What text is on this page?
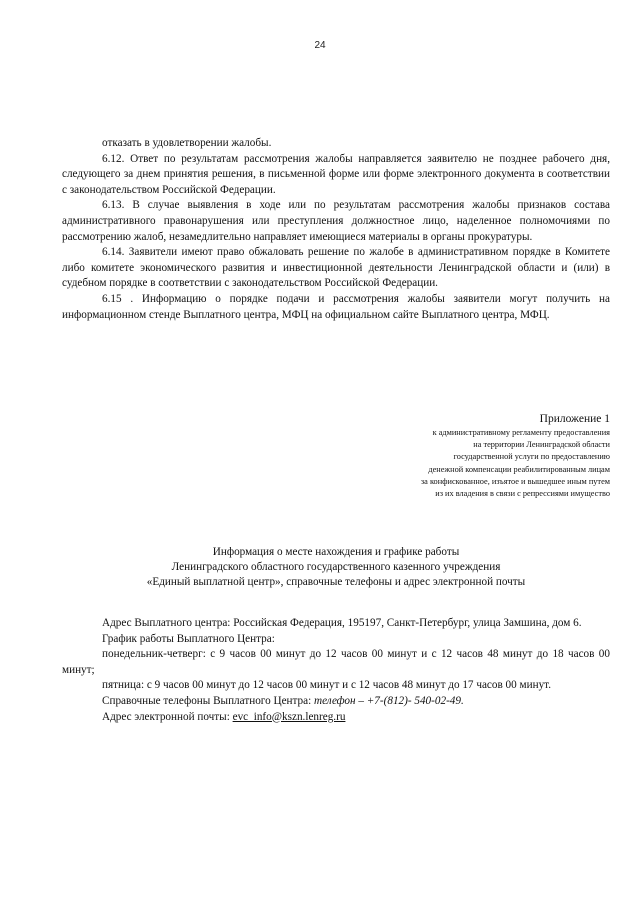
24

отказать в удовлетворении жалобы.

6.12. Ответ по результатам рассмотрения жалобы направляется заявителю не позднее рабочего дня, следующего за днем принятия решения, в письменной форме или форме электронного документа в соответствии с законодательством Российской Федерации.

6.13. В случае выявления в ходе или по результатам рассмотрения жалобы признаков состава административного правонарушения или преступления должностное лицо, наделенное полномочиями по рассмотрению жалоб, незамедлительно направляет имеющиеся материалы в органы прокуратуры.

6.14. Заявители имеют право обжаловать решение по жалобе в административном порядке в Комитете либо комитете экономического развития и инвестиционной деятельности Ленинградской области и (или) в судебном порядке в соответствии с законодательством Российской Федерации.

6.15 . Информацию о порядке подачи и рассмотрения жалобы заявители могут получить на информационном стенде Выплатного центра, МФЦ на официальном сайте Выплатного центра, МФЦ.

Приложение 1
к административному регламенту предоставления
на территории Ленинградской области
государственной услуги по предоставлению
денежной компенсации реабилитированным лицам
за конфискованное, изъятое и вышедшее иным путем
из их владения в связи с репрессиями имущество
Информация о месте нахождения и графике работы
Ленинградского областного государственного казенного учреждения
«Единый выплатной центр», справочные телефоны и адрес электронной почты

Адрес Выплатного центра: Российская Федерация, 195197, Санкт-Петербург, улица Замшина, дом 6.

График работы Выплатного Центра:

понедельник-четверг: с 9 часов 00 минут до 12 часов 00 минут и с 12 часов 48 минут до 18 часов 00 минут;

пятница: с 9 часов 00 минут до 12 часов 00 минут и с 12 часов 48 минут до 17 часов 00 минут.

Справочные телефоны Выплатного Центра: телефон – +7-(812)- 540-02-49.

Адрес электронной почты: evc_info@kszn.lenreg.ru
